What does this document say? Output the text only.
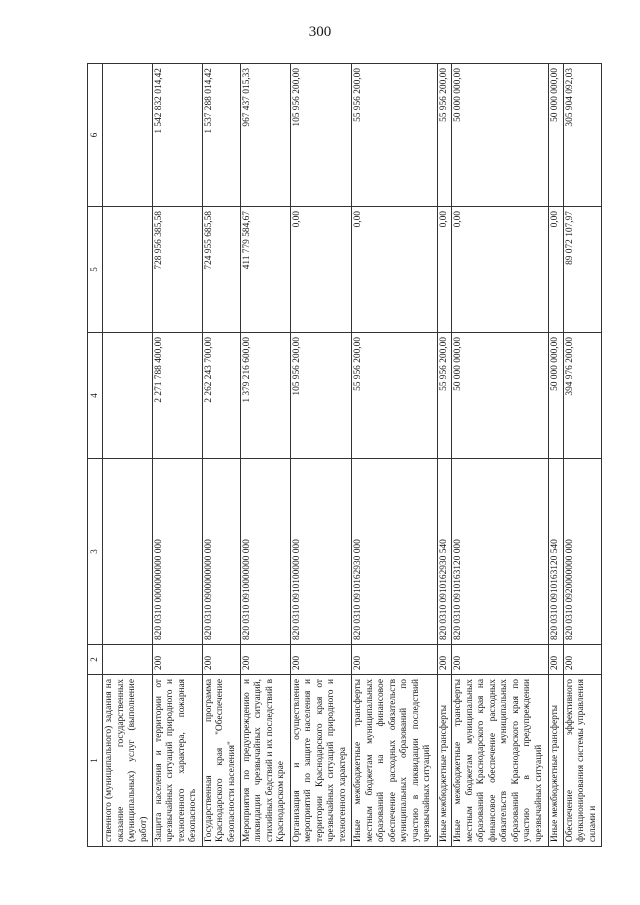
300
1	2	3	4	5	6
ственного (муниципального) задания на оказание государственных (муниципальных) услуг (выполнение работ)					
Защита населения и территории от чрезвычайных ситуаций природного и техногенного характера, пожарная безопасность	200	820 0310 0000000000 000	2 271 788 400,00	728 956 385,58	1 542 832 014,42
Государственная программа Краснодарского края "Обеспечение безопасности населения"	200	820 0310 0900000000 000	2 262 243 700,00	724 955 685,58	1 537 288 014,42
Мероприятия по предупреждению и ликвидации чрезвычайных ситуаций, стихийных бедствий и их последствий в Краснодарском крае	200	820 0310 0910000000 000	1 379 216 600,00	411 779 584,67	967 437 015,33
Организация и осуществление мероприятий по защите населения и территории Краснодарского края от чрезвычайных ситуаций природного и техногенного характера	200	820 0310 0910100000 000	105 956 200,00	0,00	105 956 200,00
Иные межбюджетные трансферты местным бюджетам муниципальных образований на финансовое обеспечение расходных обязательств муниципальных образований по участию в ликвидации последствий чрезвычайных ситуаций	200	820 0310 0910162930 000	55 956 200,00	0,00	55 956 200,00
Иные межбюджетные трансферты	200	820 0310 0910162930 540	55 956 200,00	0,00	55 956 200,00
Иные межбюджетные трансферты местным бюджетам муниципальных образований Краснодарского края на финансовое обеспечение расходных обязательств муниципальных образований Краснодарского края по участию в предупреждении чрезвычайных ситуаций	200	820 0310 0910163120 000	50 000 000,00	0,00	50 000 000,00
Иные межбюджетные трансферты	200	820 0310 0910163120 540	50 000 000,00	0,00	50 000 000,00
Обеспечение эффективного функционирования системы управления силами и	200	820 0310 0920000000 000	394 976 200,00	89 072 107,97	305 904 092,03
